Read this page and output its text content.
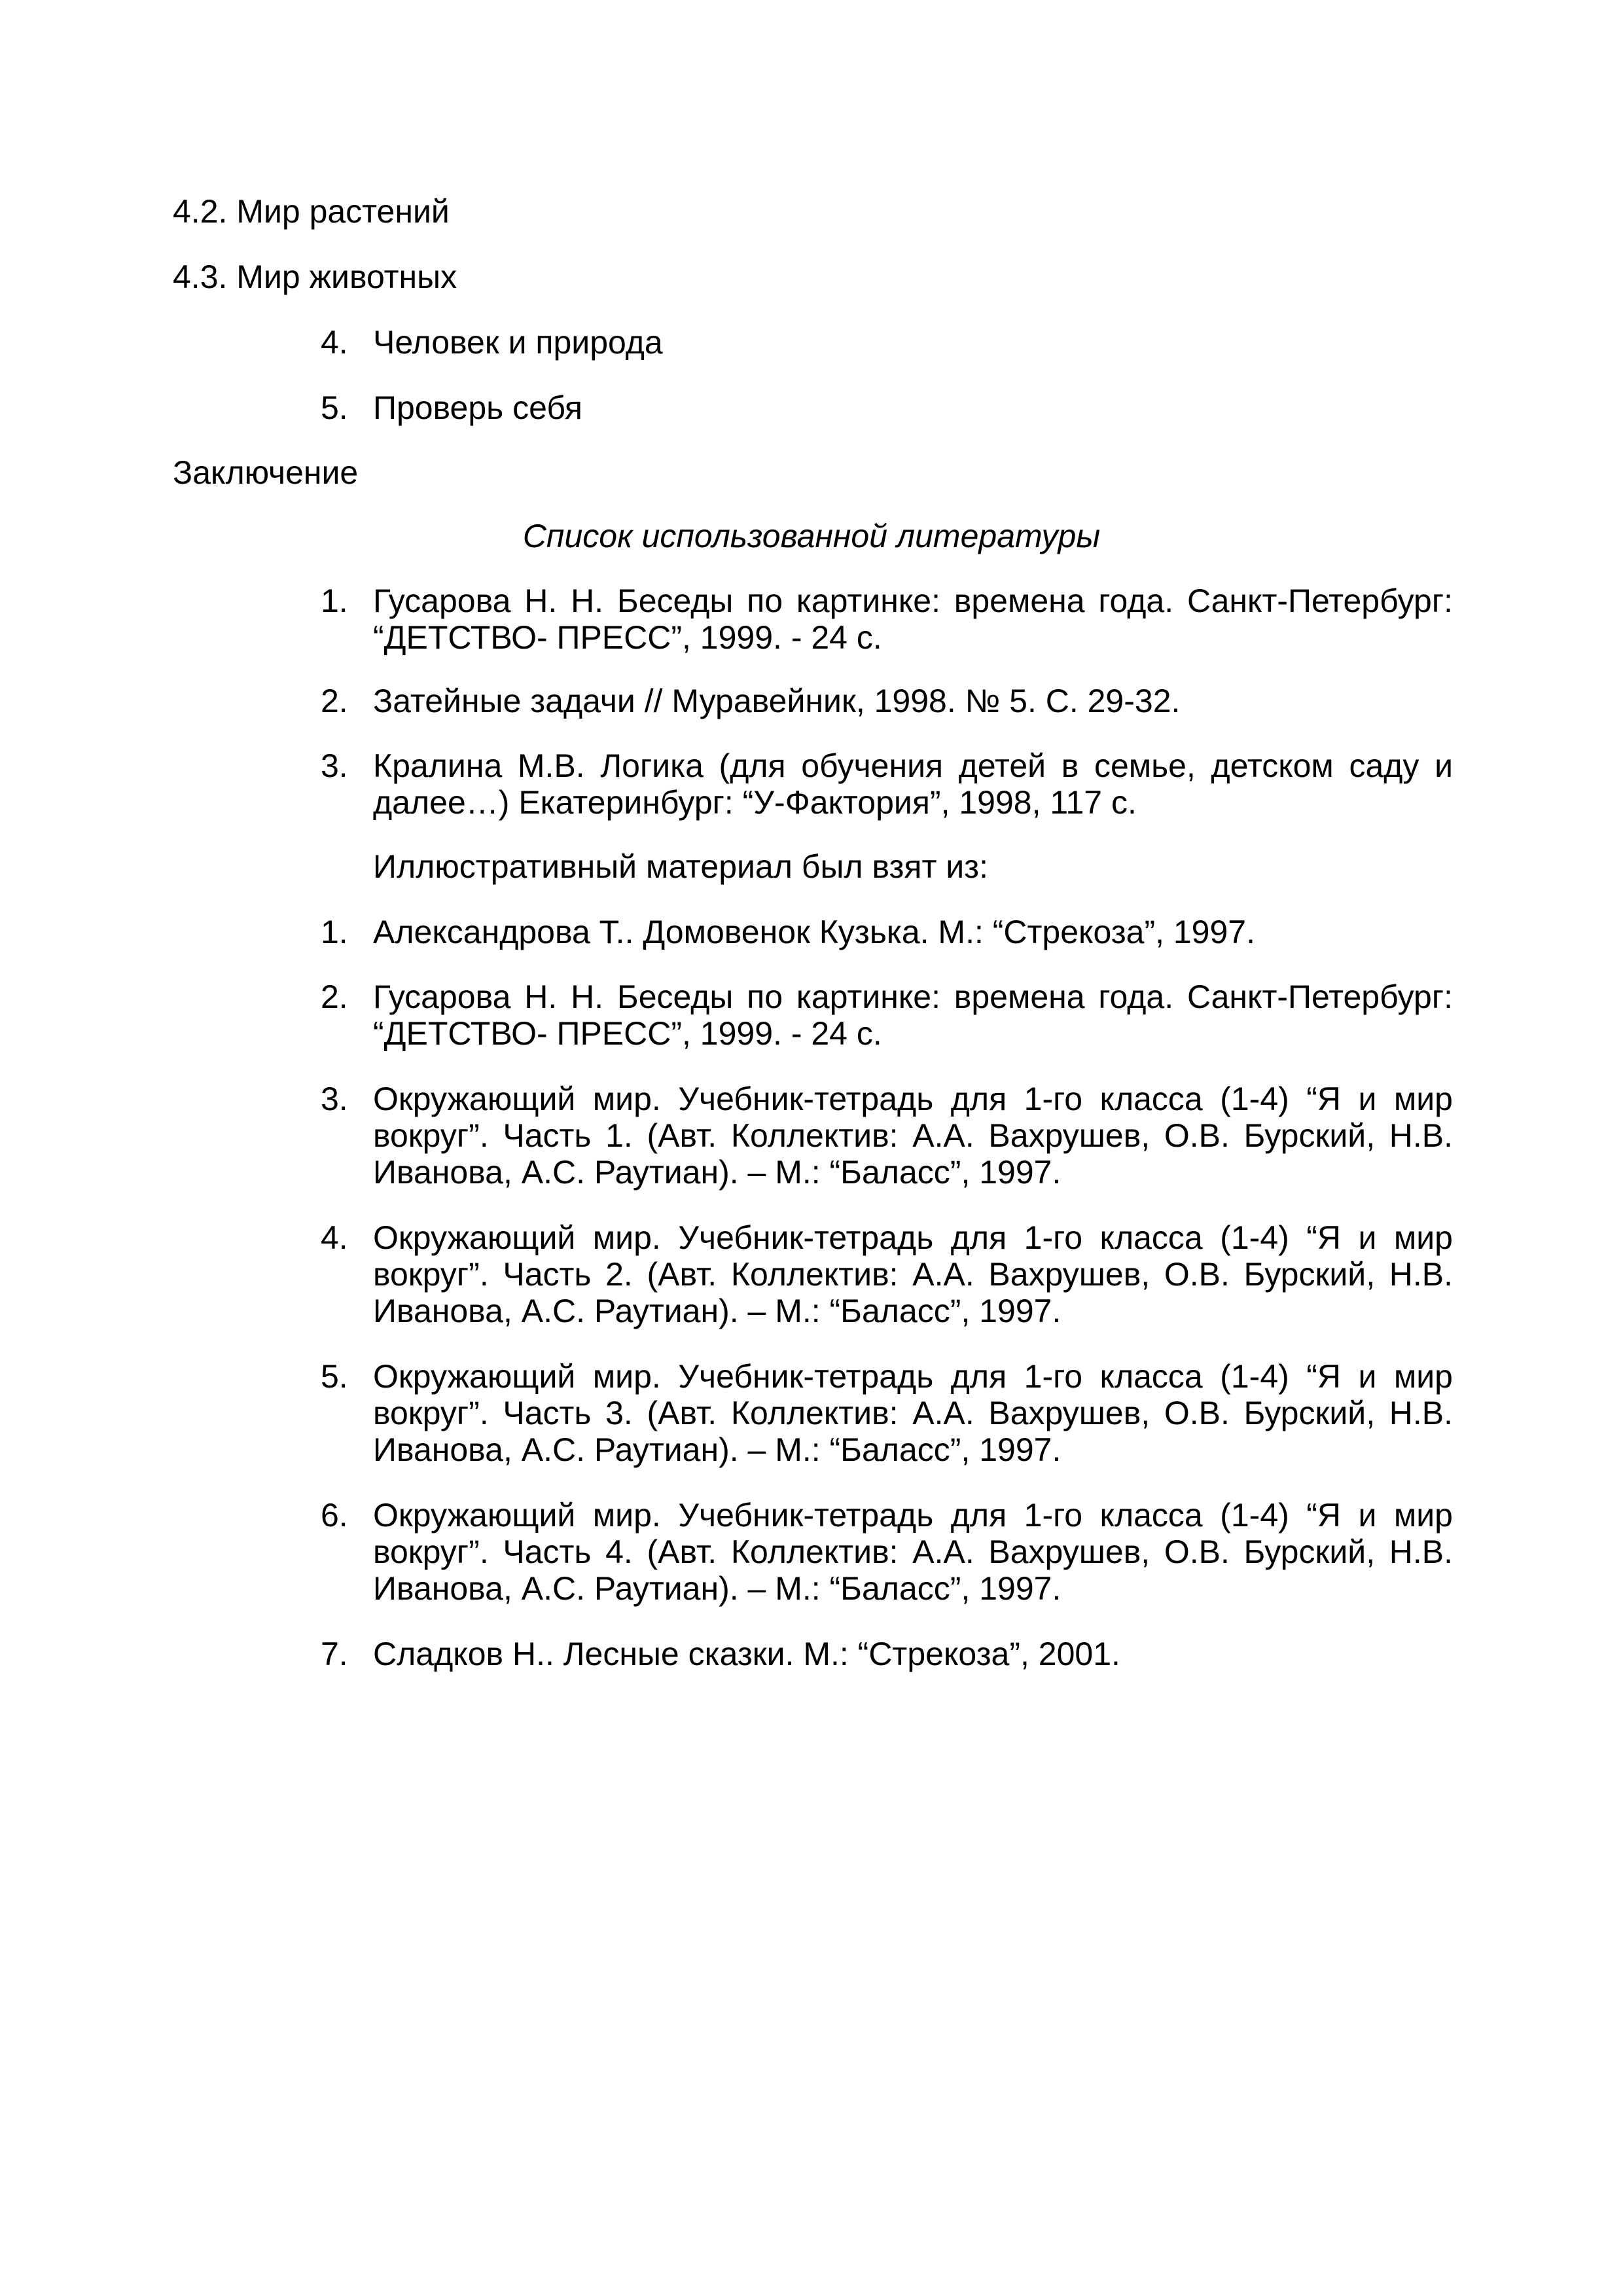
4.2. Мир растений
4.3. Мир животных
4. Человек и природа
5. Проверь себя
Заключение
Список использованной литературы
1. Гусарова Н. Н. Беседы по картинке: времена года. Санкт-Петербург: “ДЕТСТВО- ПРЕСС”, 1999. - 24 с.
2. Затейные задачи // Муравейник, 1998. № 5. С. 29-32.
3. Кралина М.В. Логика (для обучения детей в семье, детском саду и далее…) Екатеринбург: “У-Фактория”, 1998, 117 с.
Иллюстративный материал был взят из:
1. Александрова Т.. Домовенок Кузька. М.: “Стрекоза”, 1997.
2. Гусарова Н. Н. Беседы по картинке: времена года. Санкт-Петербург: “ДЕТСТВО- ПРЕСС”, 1999. - 24 с.
3. Окружающий мир. Учебник-тетрадь для 1-го класса (1-4) “Я и мир вокруг”. Часть 1. (Авт. Коллектив: А.А. Вахрушев, О.В. Бурский, Н.В. Иванова, А.С. Раутиан). – М.: “Баласс”, 1997.
4. Окружающий мир. Учебник-тетрадь для 1-го класса (1-4) “Я и мир вокруг”. Часть 2. (Авт. Коллектив: А.А. Вахрушев, О.В. Бурский, Н.В. Иванова, А.С. Раутиан). – М.: “Баласс”, 1997.
5. Окружающий мир. Учебник-тетрадь для 1-го класса (1-4) “Я и мир вокруг”. Часть 3. (Авт. Коллектив: А.А. Вахрушев, О.В. Бурский, Н.В. Иванова, А.С. Раутиан). – М.: “Баласс”, 1997.
6. Окружающий мир. Учебник-тетрадь для 1-го класса (1-4) “Я и мир вокруг”. Часть 4. (Авт. Коллектив: А.А. Вахрушев, О.В. Бурский, Н.В. Иванова, А.С. Раутиан). – М.: “Баласс”, 1997.
7. Сладков Н.. Лесные сказки. М.: “Стрекоза”, 2001.
